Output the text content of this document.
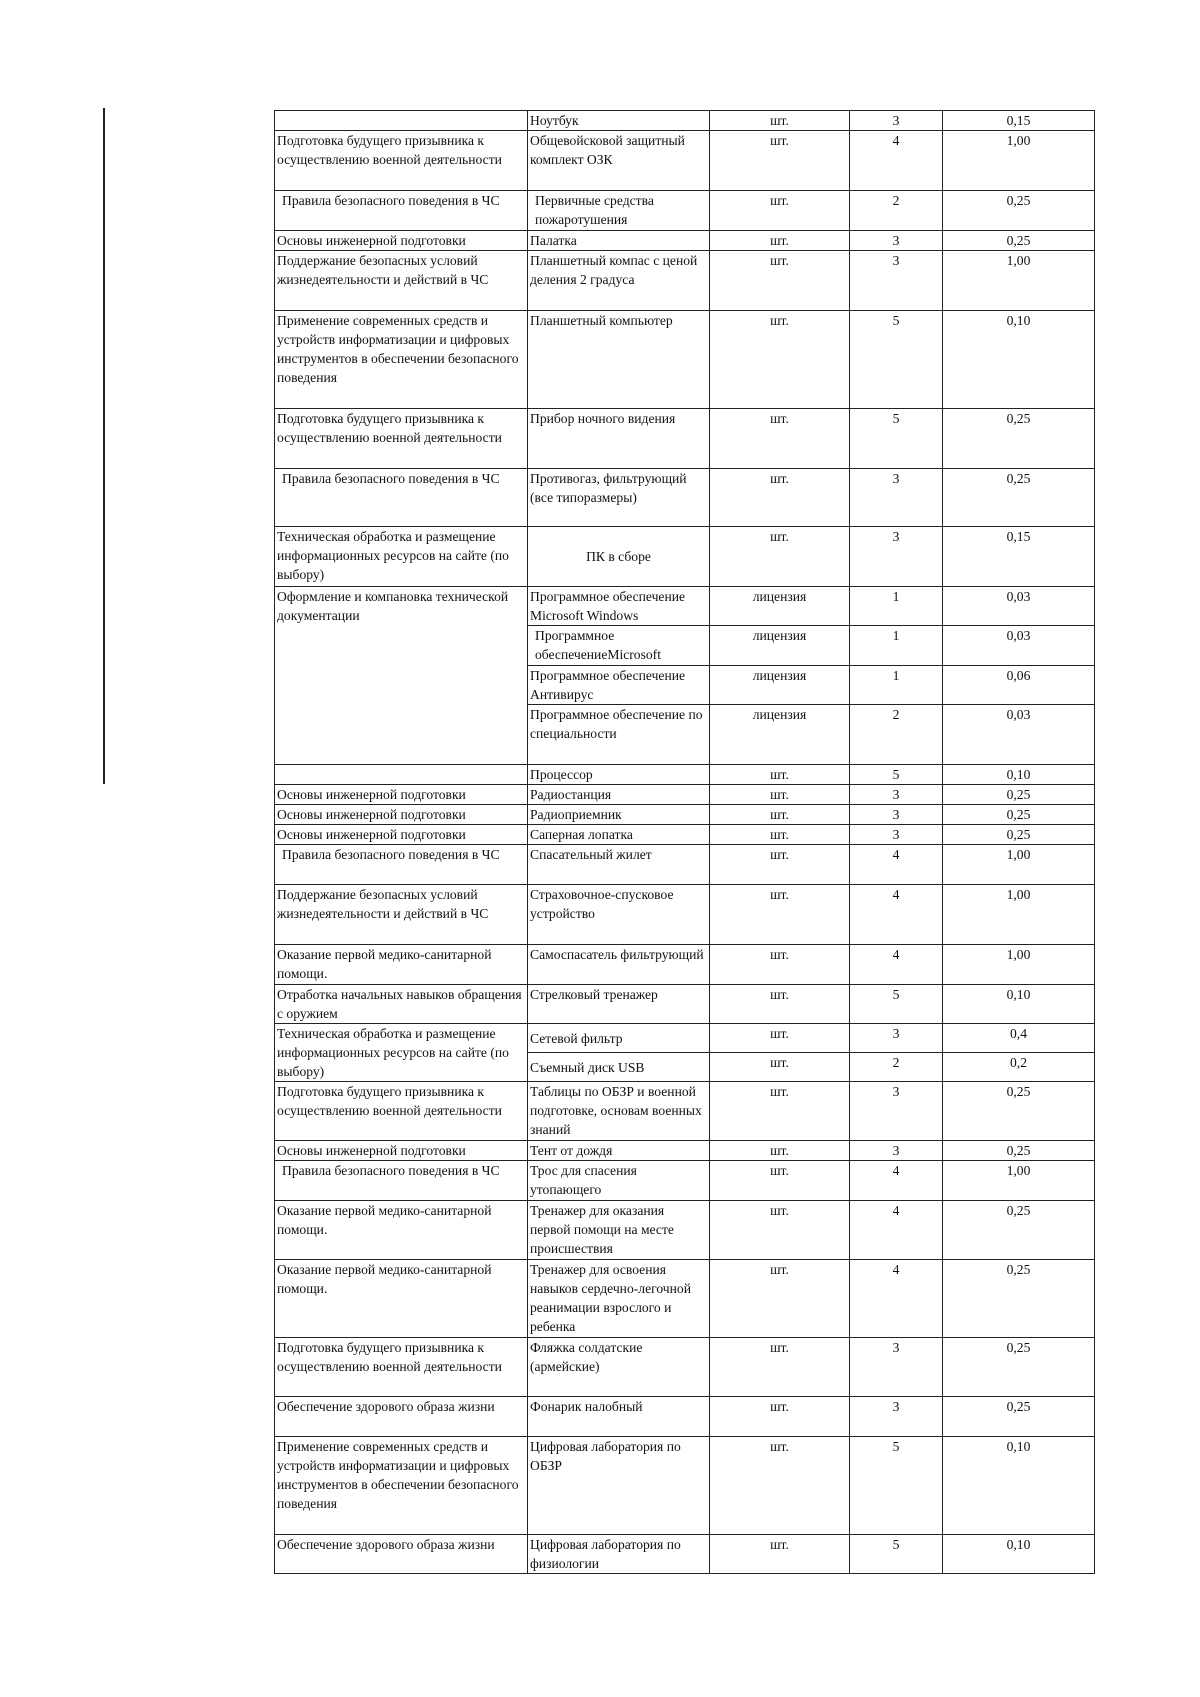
	Ноутбук	шт.	3	0,15
Подготовка будущего призывника к осуществлению военной деятельности	Общевойсковой защитный комплект ОЗК	шт.	4	1,00
Правила безопасного поведения в ЧС	Первичные средства пожаротушения	шт.	2	0,25
Основы инженерной подготовки	Палатка	шт.	3	0,25
Поддержание безопасных условий жизнедеятельности и действий в ЧС	Планшетный компас с ценой деления 2 градуса	шт.	3	1,00
Применение современных средств и устройств информатизации и цифровых инструментов в обеспечении безопасного поведения	Планшетный компьютер	шт.	5	0,10
Подготовка будущего призывника к осуществлению военной деятельности	Прибор ночного видения	шт.	5	0,25
Правила безопасного поведения в ЧС	Противогаз, фильтрующий (все типоразмеры)	шт.	3	0,25
Техническая обработка и размещение информационных ресурсов на сайте (по выбору)	ПК в сборе	шт.	3	0,15
Оформление и компановка технической документации	Программное обеспечение Microsoft Windows	лицензия	1	0,03
	Программное обеспечениеMicrosoft	лицензия	1	0,03
	Программное обеспечение Антивирус	лицензия	1	0,06
	Программное обеспечение по специальности	лицензия	2	0,03
	Процессор	шт.	5	0,10
Основы инженерной подготовки	Радиостанция	шт.	3	0,25
Основы инженерной подготовки	Радиоприемник	шт.	3	0,25
Основы инженерной подготовки	Саперная лопатка	шт.	3	0,25
Правила безопасного поведения в ЧС	Спасательный жилет	шт.	4	1,00
Поддержание безопасных условий жизнедеятельности и действий в ЧС	Страховочное-спусковое устройство	шт.	4	1,00
Оказание первой медико-санитарной помощи.	Самоспасатель фильтрующий	шт.	4	1,00
Отработка начальных навыков обращения с оружием	Стрелковый тренажер	шт.	5	0,10
Техническая обработка и размещение информационных ресурсов на сайте (по выбору)	Сетевой фильтр	шт.	3	0,4
	Съемный диск USB	шт.	2	0,2
Подготовка будущего призывника к осуществлению военной деятельности	Таблицы по ОБЗР и военной подготовке, основам военных знаний	шт.	3	0,25
Основы инженерной подготовки	Тент от дождя	шт.	3	0,25
Правила безопасного поведения в ЧС	Трос для спасения утопающего	шт.	4	1,00
Оказание первой медико-санитарной помощи.	Тренажер для оказания первой помощи на месте происшествия	шт.	4	0,25
Оказание первой медико-санитарной помощи.	Тренажер для освоения навыков сердечно-легочной реанимации взрослого и ребенка	шт.	4	0,25
Подготовка будущего призывника к осуществлению военной деятельности	Фляжка солдатские (армейские)	шт.	3	0,25
Обеспечение здорового образа жизни	Фонарик налобный	шт.	3	0,25
Применение современных средств и устройств информатизации и цифровых инструментов в обеспечении безопасного поведения	Цифровая лаборатория по ОБЗР	шт.	5	0,10
Обеспечение здорового образа жизни	Цифровая лаборатория по физиологии	шт.	5	0,10
